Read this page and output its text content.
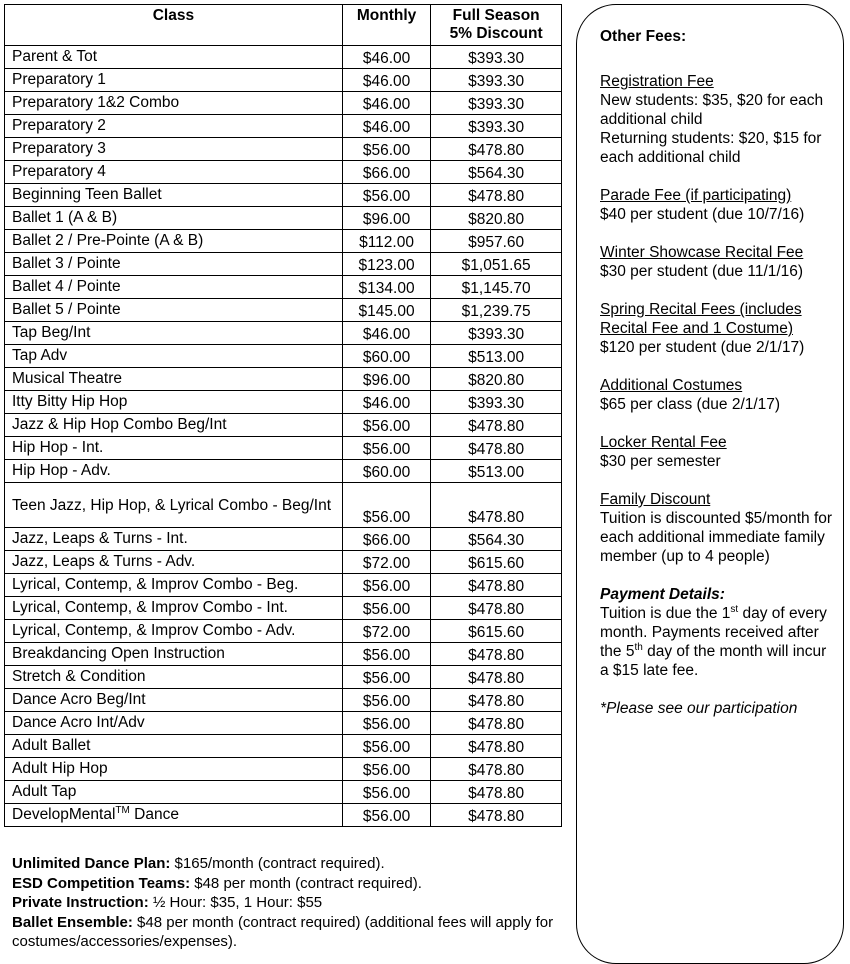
Class	Monthly	Full Season
5% Discount
Parent & Tot	$46.00	$393.30
Preparatory 1	$46.00	$393.30
Preparatory 1&2 Combo	$46.00	$393.30
Preparatory 2	$46.00	$393.30
Preparatory 3	$56.00	$478.80
Preparatory 4	$66.00	$564.30
Beginning Teen Ballet	$56.00	$478.80
Ballet 1 (A & B)	$96.00	$820.80
Ballet 2 / Pre-Pointe (A & B)	$112.00	$957.60
Ballet 3 / Pointe	$123.00	$1,051.65
Ballet 4 / Pointe	$134.00	$1,145.70
Ballet 5 / Pointe	$145.00	$1,239.75
Tap Beg/Int	$46.00	$393.30
Tap Adv	$60.00	$513.00
Musical Theatre	$96.00	$820.80
Itty Bitty Hip Hop	$46.00	$393.30
Jazz & Hip Hop Combo Beg/Int	$56.00	$478.80
Hip Hop - Int.	$56.00	$478.80
Hip Hop - Adv.	$60.00	$513.00
Teen Jazz, Hip Hop, & Lyrical Combo - Beg/Int	$56.00	$478.80
Jazz, Leaps & Turns - Int.	$66.00	$564.30
Jazz, Leaps & Turns - Adv.	$72.00	$615.60
Lyrical, Contemp, & Improv Combo - Beg.	$56.00	$478.80
Lyrical, Contemp, & Improv Combo - Int.	$56.00	$478.80
Lyrical, Contemp, & Improv Combo - Adv.	$72.00	$615.60
Breakdancing Open Instruction	$56.00	$478.80
Stretch & Condition	$56.00	$478.80
Dance Acro Beg/Int	$56.00	$478.80
Dance Acro Int/Adv	$56.00	$478.80
Adult Ballet	$56.00	$478.80
Adult Hip Hop	$56.00	$478.80
Adult Tap	$56.00	$478.80
DevelopMental™ Dance	$56.00	$478.80
Unlimited Dance Plan: $165/month (contract required).
ESD Competition Teams: $48 per month (contract required).
Private Instruction: ½ Hour: $35, 1 Hour: $55
Ballet Ensemble: $48 per month (contract required) (additional fees will apply for costumes/accessories/expenses).
Other Fees:
Registration Fee
New students: $35, $20 for each additional child
Returning students: $20, $15 for each additional child
Parade Fee (if participating)
$40 per student (due 10/7/16)
Winter Showcase Recital Fee
$30 per student (due 11/1/16)
Spring Recital Fees (includes Recital Fee and 1 Costume)
$120 per student (due 2/1/17)
Additional Costumes
$65 per class (due 2/1/17)
Locker Rental Fee
$30 per semester
Family Discount
Tuition is discounted $5/month for each additional immediate family member (up to 4 people)
Payment Details:
Tuition is due the 1st day of every month. Payments received after the 5th day of the month will incur a $15 late fee.
*Please see our participation
